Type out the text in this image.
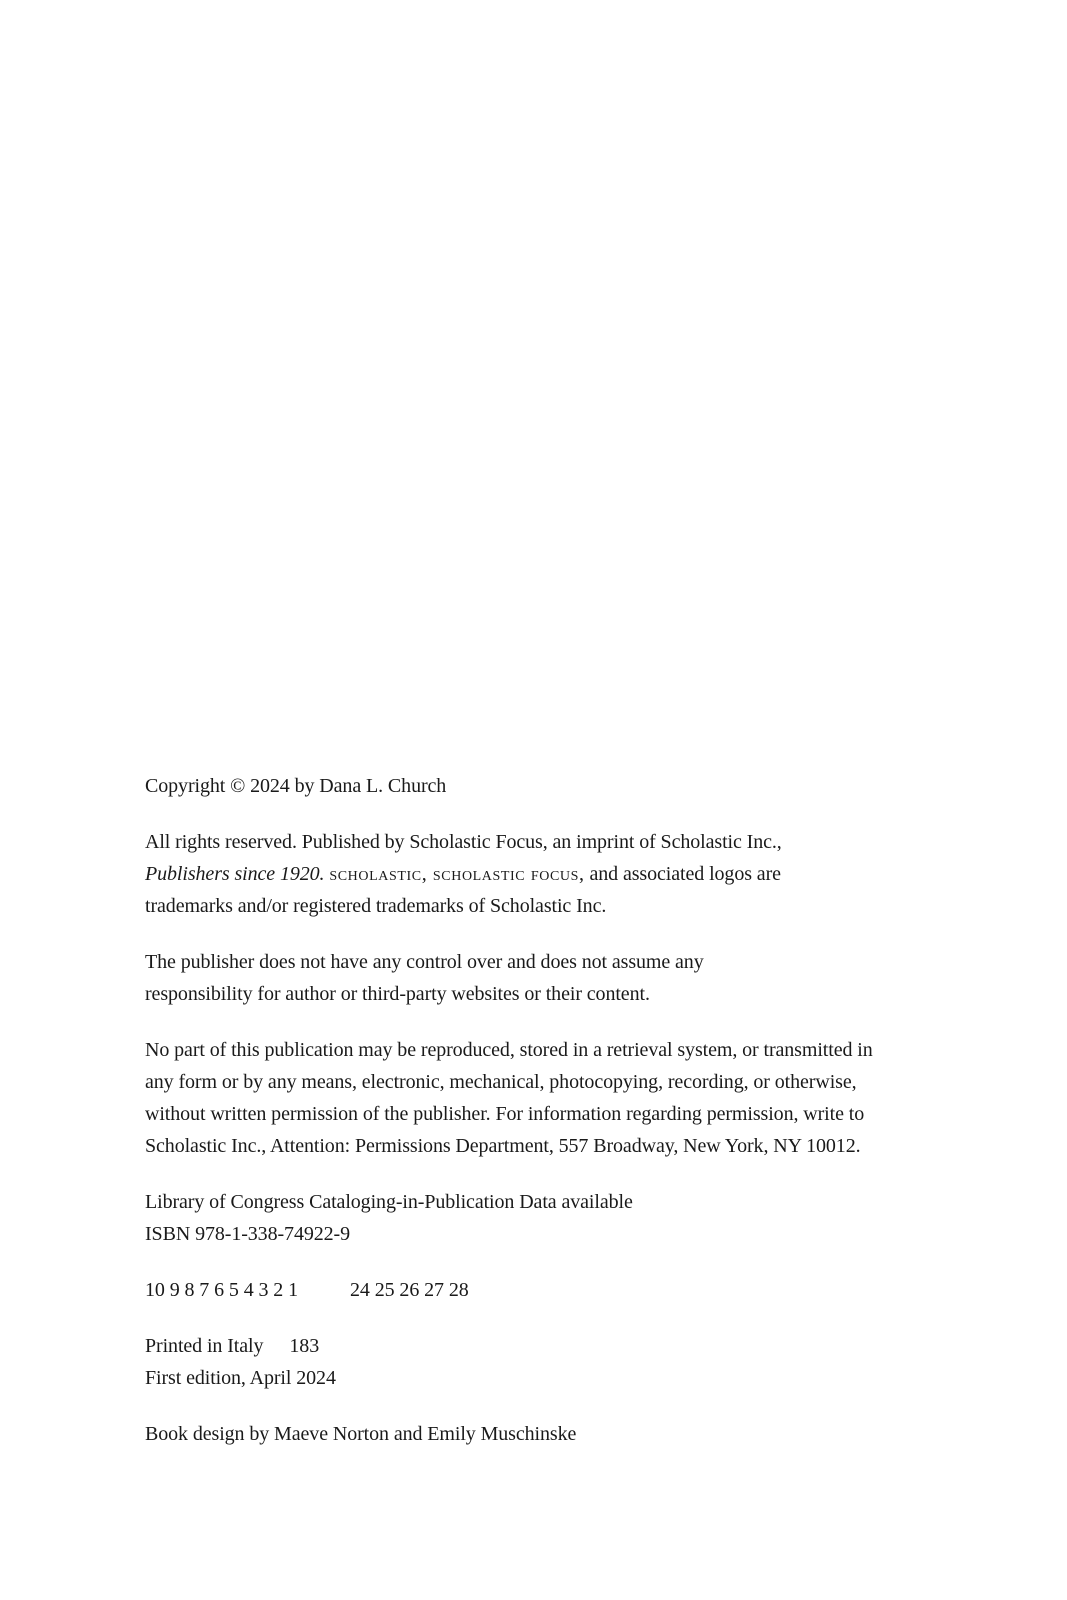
Copyright © 2024 by Dana L. Church

All rights reserved. Published by Scholastic Focus, an imprint of Scholastic Inc.,
Publishers since 1920. scholastic, scholastic focus, and associated logos are
trademarks and/or registered trademarks of Scholastic Inc.

The publisher does not have any control over and does not assume any
responsibility for author or third-party websites or their content.

No part of this publication may be reproduced, stored in a retrieval system, or transmitted in
any form or by any means, electronic, mechanical, photocopying, recording, or otherwise,
without written permission of the publisher. For information regarding permission, write to
Scholastic Inc., Attention: Permissions Department, 557 Broadway, New York, NY 10012.

Library of Congress Cataloging-in-Publication Data available
ISBN 978-1-338-74922-9

10 9 8 7 6 5 4 3 2 1	24 25 26 27 28

Printed in Italy 183
First edition, April 2024

Book design by Maeve Norton and Emily Muschinske
